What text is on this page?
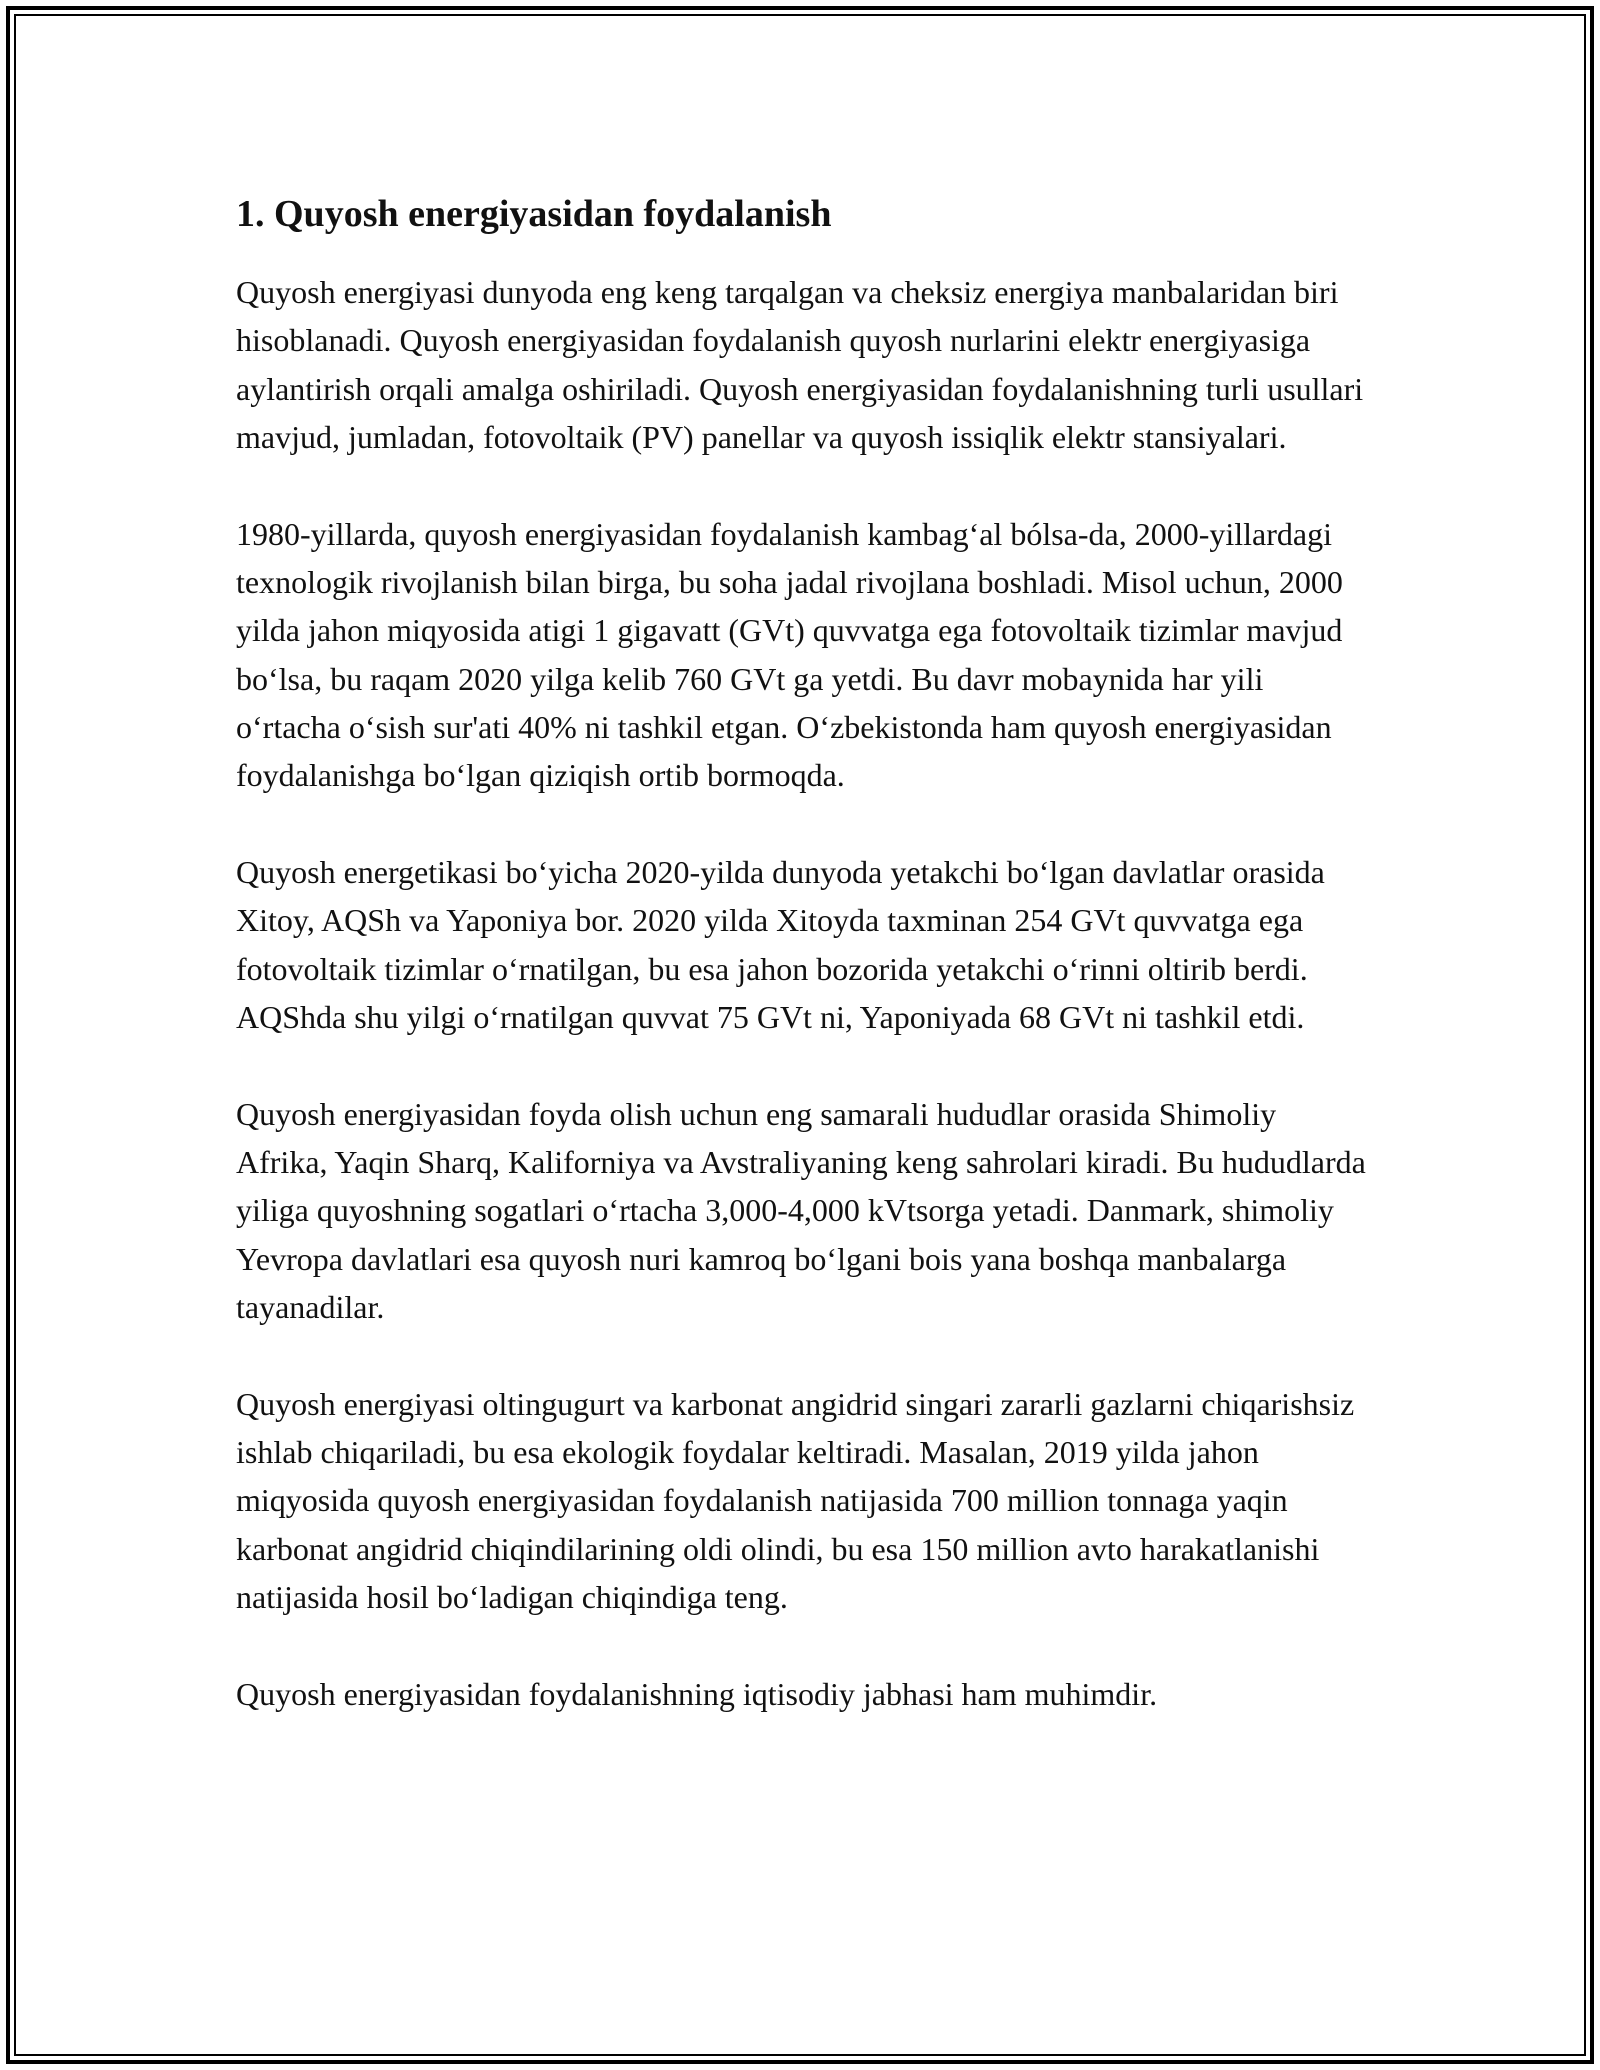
1. Quyosh energiyasidan foydalanish

Quyosh energiyasi dunyoda eng keng tarqalgan va cheksiz energiya manbalaridan biri hisoblanadi. Quyosh energiyasidan foydalanish quyosh nurlarini elektr energiyasiga aylantirish orqali amalga oshiriladi. Quyosh energiyasidan foydalanishning turli usullari mavjud, jumladan, fotovoltaik (PV) panellar va quyosh issiqlik elektr stansiyalari.

1980-yillarda, quyosh energiyasidan foydalanish kambag‘al bólsa-da, 2000-yillardagi texnologik rivojlanish bilan birga, bu soha jadal rivojlana boshladi. Misol uchun, 2000 yilda jahon miqyosida atigi 1 gigavatt (GVt) quvvatga ega fotovoltaik tizimlar mavjud bo‘lsa, bu raqam 2020 yilga kelib 760 GVt ga yetdi. Bu davr mobaynida har yili o‘rtacha o‘sish sur'ati 40% ni tashkil etgan. O‘zbekistonda ham quyosh energiyasidan foydalanishga bo‘lgan qiziqish ortib bormoqda.

Quyosh energetikasi bo‘yicha 2020-yilda dunyoda yetakchi bo‘lgan davlatlar orasida Xitoy, AQSh va Yaponiya bor. 2020 yilda Xitoyda taxminan 254 GVt quvvatga ega fotovoltaik tizimlar o‘rnatilgan, bu esa jahon bozorida yetakchi o‘rinni oltirib berdi. AQShda shu yilgi o‘rnatilgan quvvat 75 GVt ni, Yaponiyada 68 GVt ni tashkil etdi.

Quyosh energiyasidan foyda olish uchun eng samarali hududlar orasida Shimoliy Afrika, Yaqin Sharq, Kaliforniya va Avstraliyaning keng sahrolari kiradi. Bu hududlarda yiliga quyoshning sogatlari o‘rtacha 3,000-4,000 kVtsorga yetadi. Danmark, shimoliy Yevropa davlatlari esa quyosh nuri kamroq bo‘lgani bois yana boshqa manbalarga tayanadilar.

Quyosh energiyasi oltingugurt va karbonat angidrid singari zararli gazlarni chiqarishsiz ishlab chiqariladi, bu esa ekologik foydalar keltiradi. Masalan, 2019 yilda jahon miqyosida quyosh energiyasidan foydalanish natijasida 700 million tonnaga yaqin karbonat angidrid chiqindilarining oldi olindi, bu esa 150 million avto harakatlanishi natijasida hosil bo‘ladigan chiqindiga teng.

Quyosh energiyasidan foydalanishning iqtisodiy jabhasi ham muhimdir.
